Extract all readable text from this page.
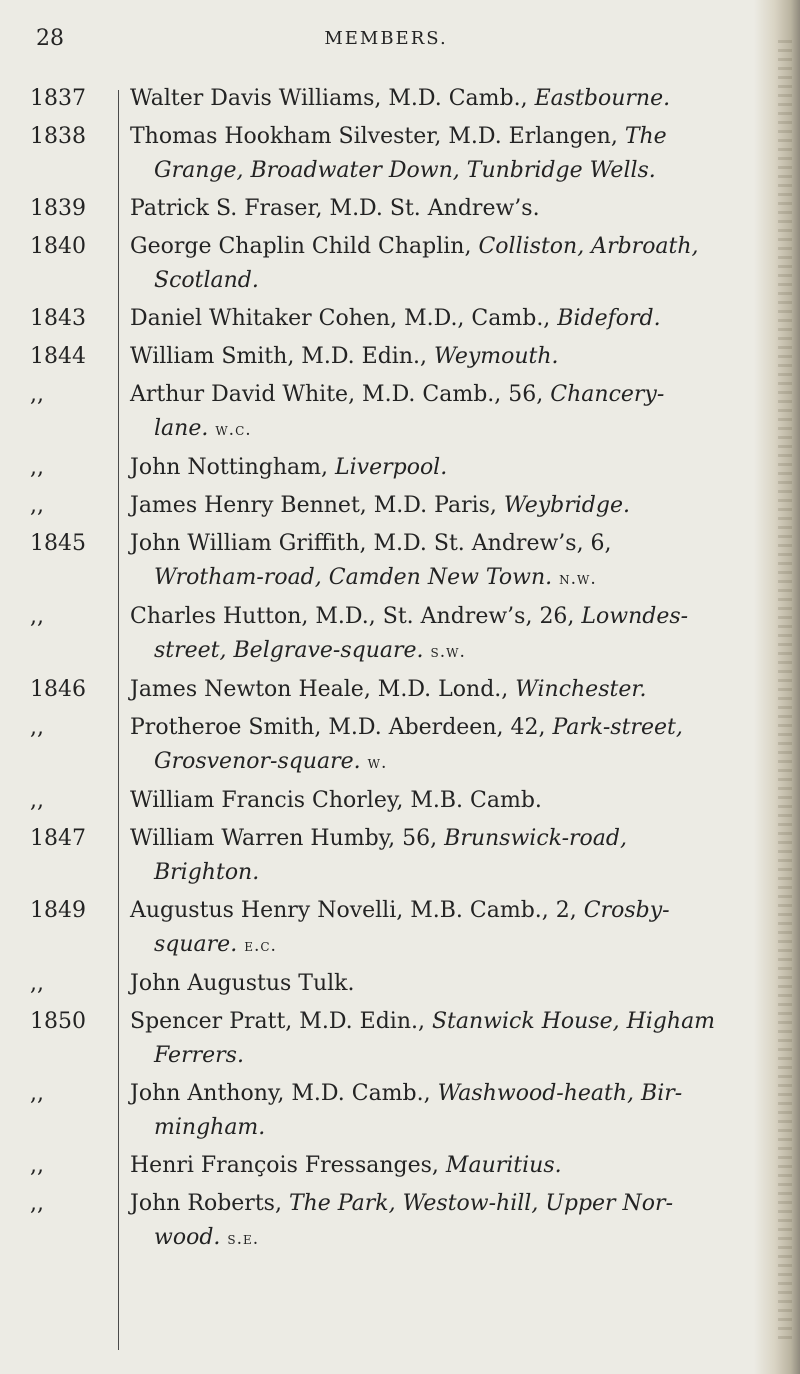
28	MEMBERS.
1837	Walter Davis Williams, M.D. Camb., Eastbourne.
1838	Thomas Hookham Silvester, M.D. Erlangen, The
Grange, Broadwater Down, Tunbridge Wells.
1839	Patrick S. Fraser, M.D. St. Andrew’s.
1840	George Chaplin Child Chaplin, Colliston, Arbroath,
Scotland.
1843	Daniel Whitaker Cohen, M.D., Camb., Bideford.
1844	William Smith, M.D. Edin., Weymouth.
,,	Arthur David White, M.D. Camb., 56, Chancery-
lane. w.c.
,,	John Nottingham, Liverpool.
,,	James Henry Bennet, M.D. Paris, Weybridge.
1845	John William Griffith, M.D. St. Andrew’s, 6,
Wrotham-road, Camden New Town. n.w.
,,	Charles Hutton, M.D., St. Andrew’s, 26, Lowndes-
street, Belgrave-square. s.w.
1846	James Newton Heale, M.D. Lond., Winchester.
,,	Protheroe Smith, M.D. Aberdeen, 42, Park-street,
Grosvenor-square. w.
,,	William Francis Chorley, M.B. Camb.
1847	William Warren Humby, 56, Brunswick-road,
Brighton.
1849	Augustus Henry Novelli, M.B. Camb., 2, Crosby-
square. e.c.
,,	John Augustus Tulk.
1850	Spencer Pratt, M.D. Edin., Stanwick House, Higham
Ferrers.
,,	John Anthony, M.D. Camb., Washwood-heath, Bir-
mingham.
,,	Henri François Fressanges, Mauritius.
,,	John Roberts, The Park, Westow-hill, Upper Nor-
wood. s.e.
